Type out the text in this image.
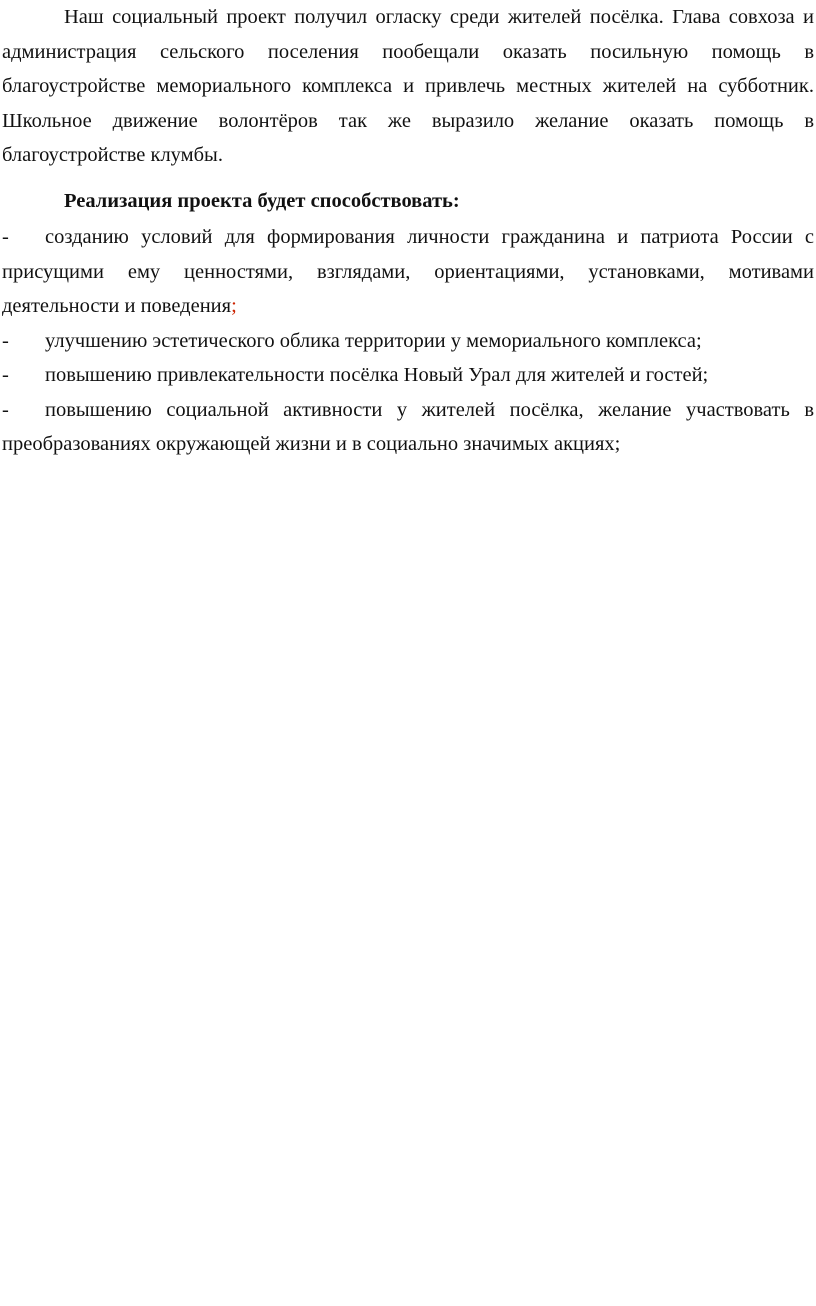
Наш социальный проект получил огласку среди жителей посёлка. Глава совхоза и администрация сельского поселения пообещали оказать посильную помощь в благоустройстве мемориального комплекса и привлечь местных жителей на субботник. Школьное движение волонтёров так же выразило желание оказать помощь в благоустройстве клумбы.

Реализация проекта будет способствовать:

- созданию условий для формирования личности гражданина и патриота России с присущими ему ценностями, взглядами, ориентациями, установками, мотивами деятельности и поведения;
- улучшению эстетического облика территории у мемориального комплекса;
- повышению привлекательности посёлка Новый Урал для жителей и гостей;
- повышению социальной активности у жителей посёлка, желание участвовать в преобразованиях окружающей жизни и в социально значимых акциях;
